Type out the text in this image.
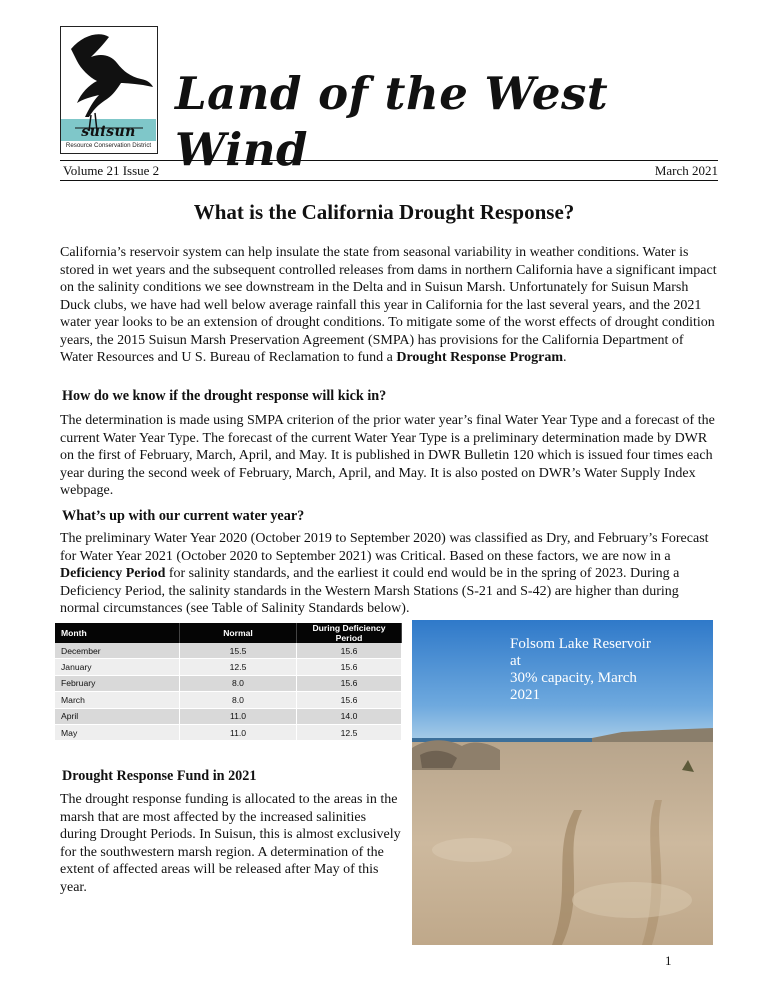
suisun
Resource Conservation District
Land of the West Wind
Volume 21 Issue 2	March 2021
What is the California Drought Response?
California’s reservoir system can help insulate the state from seasonal variability in weather conditions. Water is stored in wet years and the subsequent controlled releases from dams in northern California have a significant impact on the salinity conditions we see downstream in the Delta and in Suisun Marsh. Unfortunately for Suisun Marsh Duck clubs, we have had well below average rainfall this year in California for the last several years, and the 2021 water year looks to be an extension of drought conditions. To mitigate some of the worst effects of drought condition years, the 2015 Suisun Marsh Preservation Agreement (SMPA) has provisions for the California Department of Water Resources and U S. Bureau of Reclamation to fund a Drought Response Program.
How do we know if the drought response will kick in?
The determination is made using SMPA criterion of the prior water year’s final Water Year Type and a forecast of the current Water Year Type. The forecast of the current Water Year Type is a preliminary determination made by DWR on the first of February, March, April, and May. It is published in DWR Bulletin 120 which is issued four times each year during the second week of February, March, April, and May. It is also posted on DWR’s Water Supply Index webpage.
What’s up with our current water year?
The preliminary Water Year 2020 (October 2019 to September 2020) was classified as Dry, and February’s Forecast for Water Year 2021 (October 2020 to September 2021) was Critical. Based on these factors, we are now in a Deficiency Period for salinity standards, and the earliest it could end would be in the spring of 2023. During a Deficiency Period, the salinity standards in the Western Marsh Stations (S-21 and S-42) are higher than during normal circumstances (see Table of Salinity Standards below).
Month	Normal	During Deficiency Period
December	15.5	15.6
January	12.5	15.6
February	8.0	15.6
March	8.0	15.6
April	11.0	14.0
May	11.0	12.5
Drought Response Fund in 2021
The drought response funding is allocated to the areas in the marsh that are most affected by the increased salinities during Drought Periods. In Suisun, this is almost exclusively for the southwestern marsh region. A determination of the extent of affected areas will be released after May of this year.
Folsom Lake Reservoir at
30% capacity, March 2021
1
